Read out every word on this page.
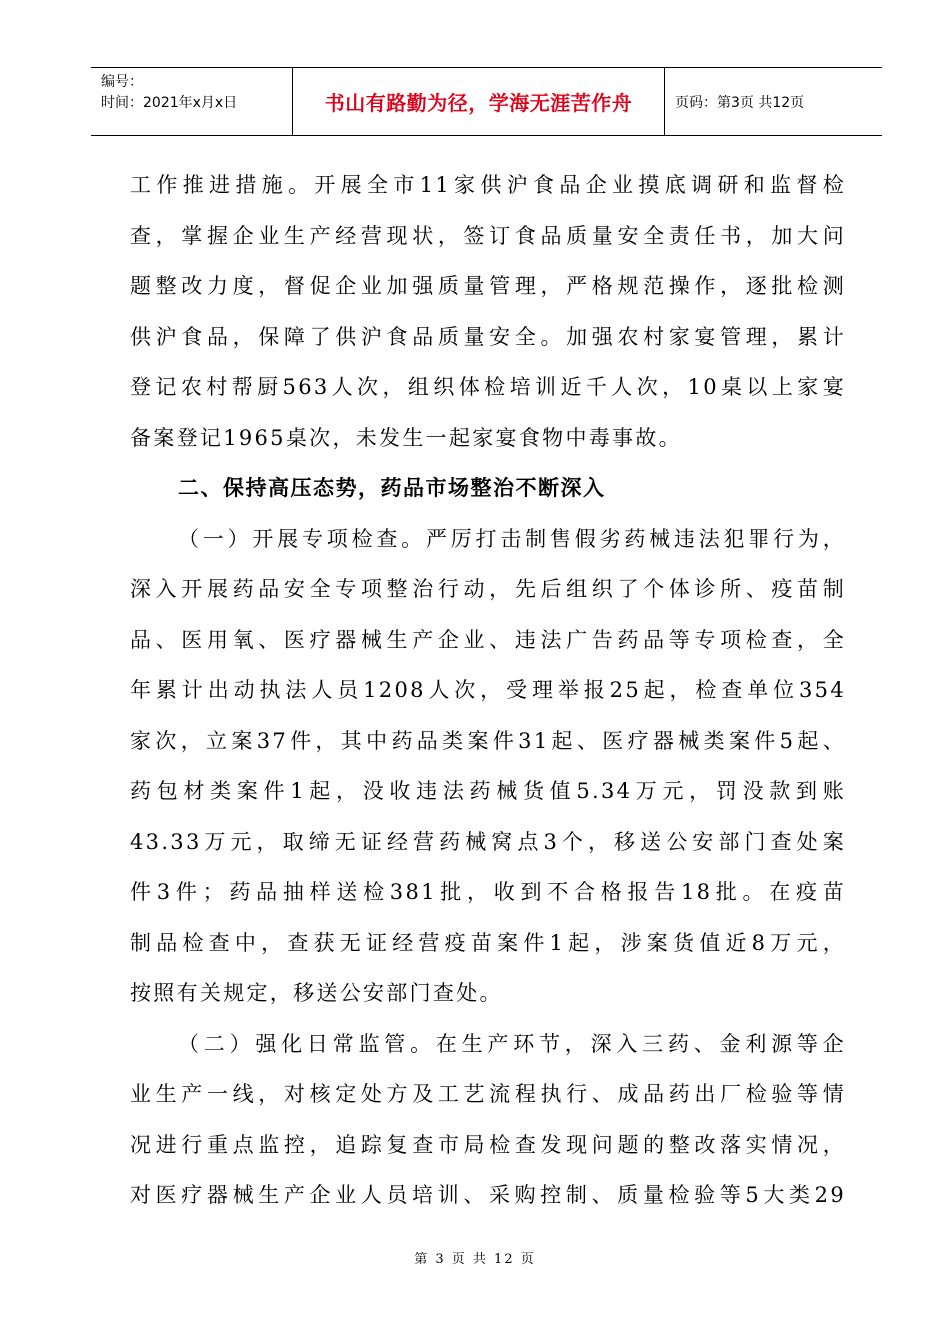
编号：
时间：2021年x月x日	书山有路勤为径，学海无涯苦作舟	页码：第3页 共12页

工作推进措施。开展全市11家供沪食品企业摸底调研和监督检

查，掌握企业生产经营现状，签订食品质量安全责任书，加大问

题整改力度，督促企业加强质量管理，严格规范操作，逐批检测

供沪食品，保障了供沪食品质量安全。加强农村家宴管理，累计

登记农村帮厨563人次，组织体检培训近千人次，10桌以上家宴

备案登记1965桌次，未发生一起家宴食物中毒事故。

二、保持高压态势，药品市场整治不断深入

（一）开展专项检查。严厉打击制售假劣药械违法犯罪行为，

深入开展药品安全专项整治行动，先后组织了个体诊所、疫苗制

品、医用氧、医疗器械生产企业、违法广告药品等专项检查，全

年累计出动执法人员1208人次，受理举报25起，检查单位354

家次，立案37件，其中药品类案件31起、医疗器械类案件5起、

药包材类案件1起，没收违法药械货值5.34万元，罚没款到账

43.33万元，取缔无证经营药械窝点3个，移送公安部门查处案

件3件；药品抽样送检381批，收到不合格报告18批。在疫苗

制品检查中，查获无证经营疫苗案件1起，涉案货值近8万元，

按照有关规定，移送公安部门查处。

（二）强化日常监管。在生产环节，深入三药、金利源等企

业生产一线，对核定处方及工艺流程执行、成品药出厂检验等情

况进行重点监控，追踪复查市局检查发现问题的整改落实情况，

对医疗器械生产企业人员培训、采购控制、质量检验等5大类29

第 3 页 共 12 页
